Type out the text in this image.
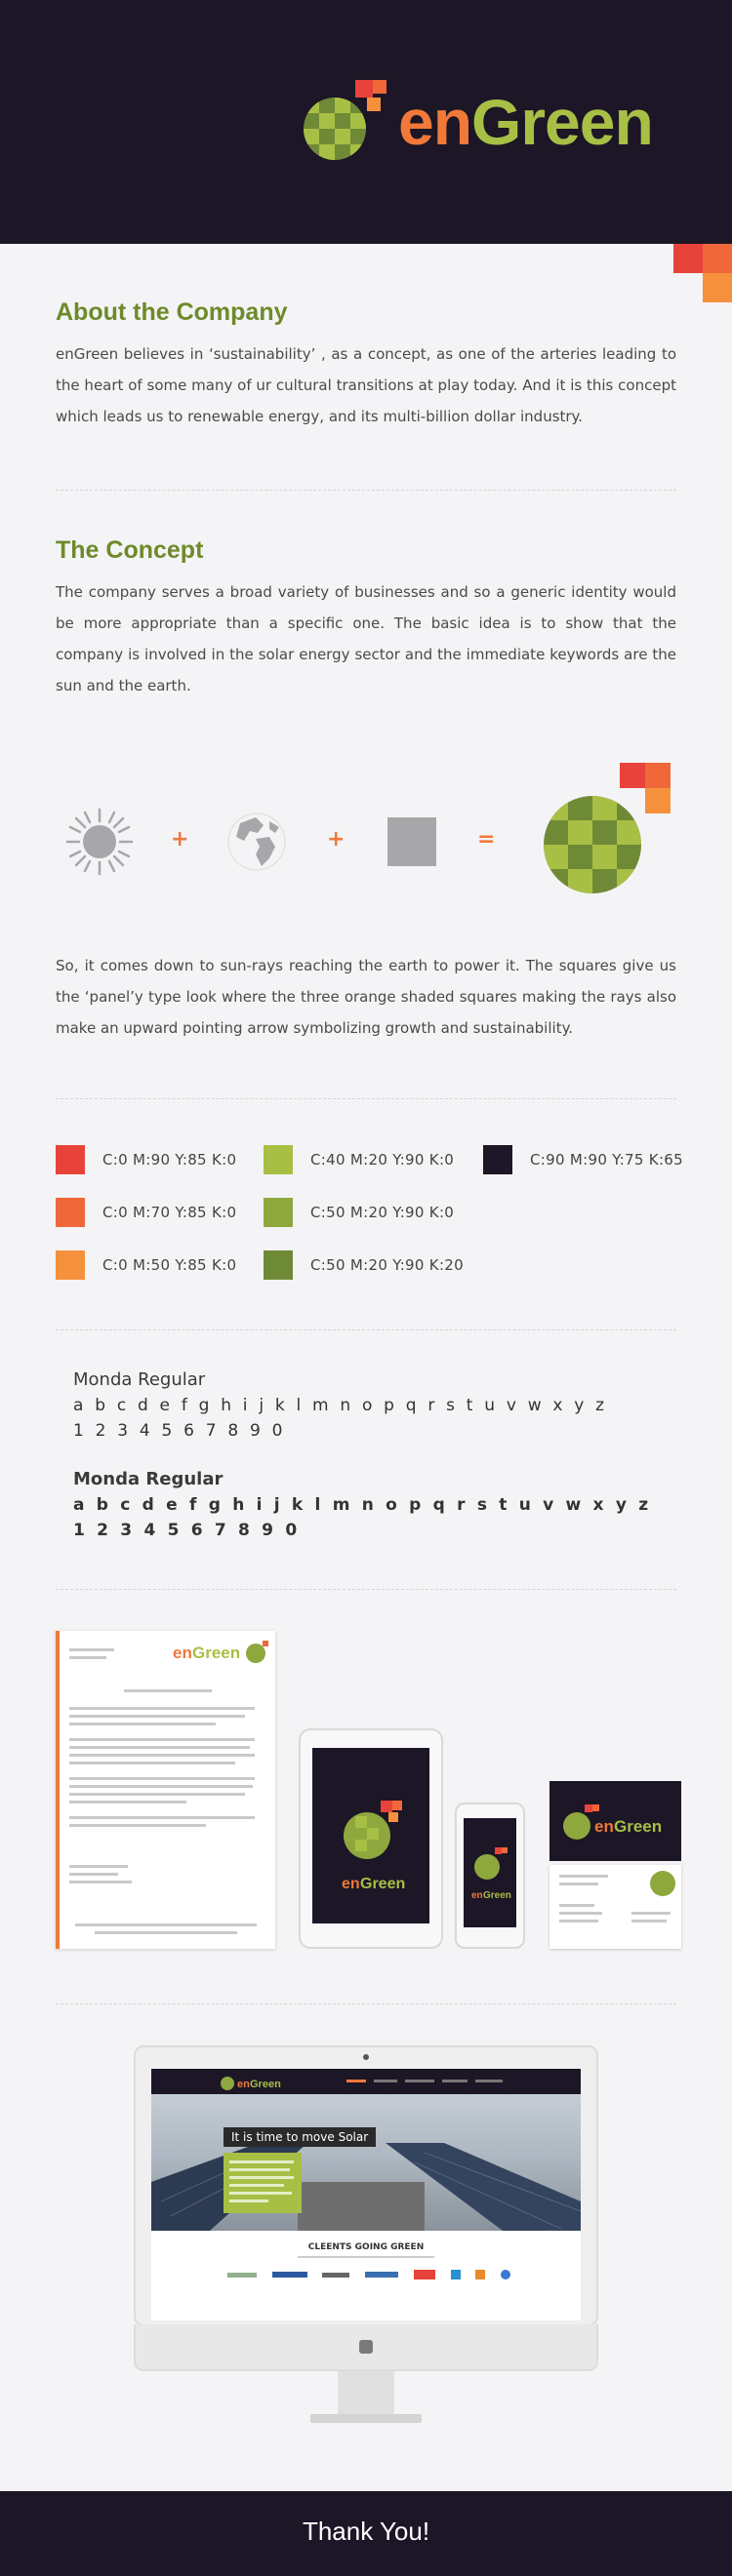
enGreen
About the Company

enGreen believes in ‘sustainability’ , as a concept, as one of the arteries leading to the heart of some many of ur cultural transitions at play today. And it is this concept which leads us to renewable energy, and its multi-billion dollar industry.

The Concept

The company serves a broad variety of businesses and so a generic identity would be more appropriate than a specific one. The basic idea is to show that the company is involved in the solar energy sector and the immediate keywords are the sun and the earth.

+	+	=

So, it comes down to sun-rays reaching the earth to power it. The squares give us the ‘panel’y type look where the three orange shaded squares making the rays also make an upward pointing arrow symbolizing growth and sustainability.

C:0 M:90 Y:85 K:0
C:0 M:70 Y:85 K:0
C:0 M:50 Y:85 K:0
C:40 M:20 Y:90 K:0
C:50 M:20 Y:90 K:0
C:50 M:20 Y:90 K:20
C:90 M:90 Y:75 K:65
Monda Regular
a b c d e f g h i j k l m n o p q r s t u v w x y z
1 2 3 4 5 6 7 8 9 0
Monda Regular
a b c d e f g h i j k l m n o p q r s t u v w x y z
1 2 3 4 5 6 7 8 9 0
en Green
en Green
en Green
en Green
en Green
It is time to move Solar
CLEENTS GOING GREEN
Thank You!
